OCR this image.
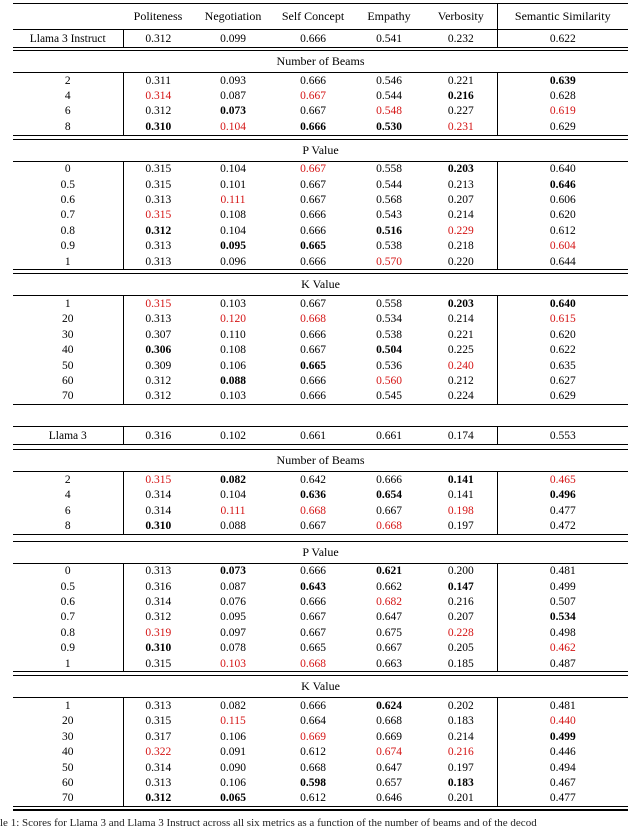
	Politeness	Negotiation	Self Concept	Empathy	Verbosity	Semantic Similarity
Llama 3 Instruct	0.312	0.099	0.666	0.541	0.232	0.622
Number of Beams						
2	0.311	0.093	0.666	0.546	0.221	0.639
4	0.314	0.087	0.667	0.544	0.216	0.628
6	0.312	0.073	0.667	0.548	0.227	0.619
8	0.310	0.104	0.666	0.530	0.231	0.629
P Value						
0	0.315	0.104	0.667	0.558	0.203	0.640
0.5	0.315	0.101	0.667	0.544	0.213	0.646
0.6	0.313	0.111	0.667	0.568	0.207	0.606
0.7	0.315	0.108	0.666	0.543	0.214	0.620
0.8	0.312	0.104	0.666	0.516	0.229	0.612
0.9	0.313	0.095	0.665	0.538	0.218	0.604
1	0.313	0.096	0.666	0.570	0.220	0.644
K Value						
1	0.315	0.103	0.667	0.558	0.203	0.640
20	0.313	0.120	0.668	0.534	0.214	0.615
30	0.307	0.110	0.666	0.538	0.221	0.620
40	0.306	0.108	0.667	0.504	0.225	0.622
50	0.309	0.106	0.665	0.536	0.240	0.635
60	0.312	0.088	0.666	0.560	0.212	0.627
70	0.312	0.103	0.666	0.545	0.224	0.629
Llama 3	0.316	0.102	0.661	0.661	0.174	0.553
Number of Beams						
2	0.315	0.082	0.642	0.666	0.141	0.465
4	0.314	0.104	0.636	0.654	0.141	0.496
6	0.314	0.111	0.668	0.667	0.198	0.477
8	0.310	0.088	0.667	0.668	0.197	0.472
P Value						
0	0.313	0.073	0.666	0.621	0.200	0.481
0.5	0.316	0.087	0.643	0.662	0.147	0.499
0.6	0.314	0.076	0.666	0.682	0.216	0.507
0.7	0.312	0.095	0.667	0.647	0.207	0.534
0.8	0.319	0.097	0.667	0.675	0.228	0.498
0.9	0.310	0.078	0.665	0.667	0.205	0.462
1	0.315	0.103	0.668	0.663	0.185	0.487
K Value						
1	0.313	0.082	0.666	0.624	0.202	0.481
20	0.315	0.115	0.664	0.668	0.183	0.440
30	0.317	0.106	0.669	0.669	0.214	0.499
40	0.322	0.091	0.612	0.674	0.216	0.446
50	0.314	0.090	0.668	0.647	0.197	0.494
60	0.313	0.106	0.598	0.657	0.183	0.467
70	0.312	0.065	0.612	0.646	0.201	0.477
le 1: Scores for Llama 3 and Llama 3 Instruct across all six metrics as a function of the number of beams and of the decod
